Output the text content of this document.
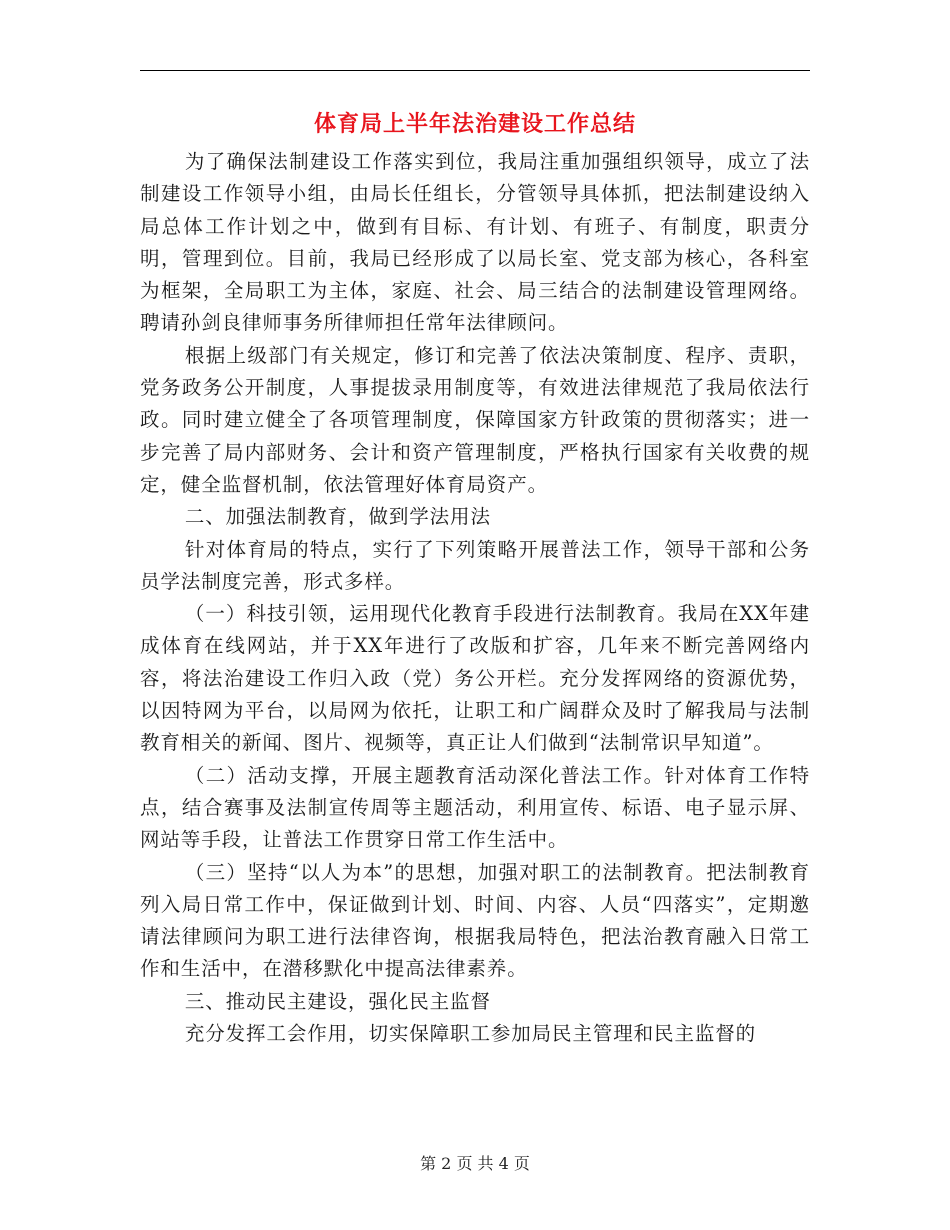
体育局上半年法治建设工作总结

为了确保法制建设工作落实到位，我局注重加强组织领导，成立了法制建设工作领导小组，由局长任组长，分管领导具体抓，把法制建设纳入局总体工作计划之中，做到有目标、有计划、有班子、有制度，职责分明，管理到位。目前，我局已经形成了以局长室、党支部为核心，各科室为框架，全局职工为主体，家庭、社会、局三结合的法制建设管理网络。聘请孙剑良律师事务所律师担任常年法律顾问。

根据上级部门有关规定，修订和完善了依法决策制度、程序、责职，党务政务公开制度，人事提拔录用制度等，有效进法律规范了我局依法行政。同时建立健全了各项管理制度，保障国家方针政策的贯彻落实；进一步完善了局内部财务、会计和资产管理制度，严格执行国家有关收费的规定，健全监督机制，依法管理好体育局资产。

二、加强法制教育，做到学法用法

针对体育局的特点，实行了下列策略开展普法工作，领导干部和公务员学法制度完善，形式多样。

（一）科技引领，运用现代化教育手段进行法制教育。我局在XX年建成体育在线网站，并于XX年进行了改版和扩容，几年来不断完善网络内容，将法治建设工作归入政（党）务公开栏。充分发挥网络的资源优势，以因特网为平台，以局网为依托，让职工和广阔群众及时了解我局与法制教育相关的新闻、图片、视频等，真正让人们做到“法制常识早知道”。

（二）活动支撑，开展主题教育活动深化普法工作。针对体育工作特点，结合赛事及法制宣传周等主题活动，利用宣传、标语、电子显示屏、网站等手段，让普法工作贯穿日常工作生活中。

（三）坚持“以人为本”的思想，加强对职工的法制教育。把法制教育列入局日常工作中，保证做到计划、时间、内容、人员“四落实”，定期邀请法律顾问为职工进行法律咨询，根据我局特色，把法治教育融入日常工作和生活中，在潜移默化中提高法律素养。

三、推动民主建设，强化民主监督

充分发挥工会作用，切实保障职工参加局民主管理和民主监督的

第 2 页 共 4 页
